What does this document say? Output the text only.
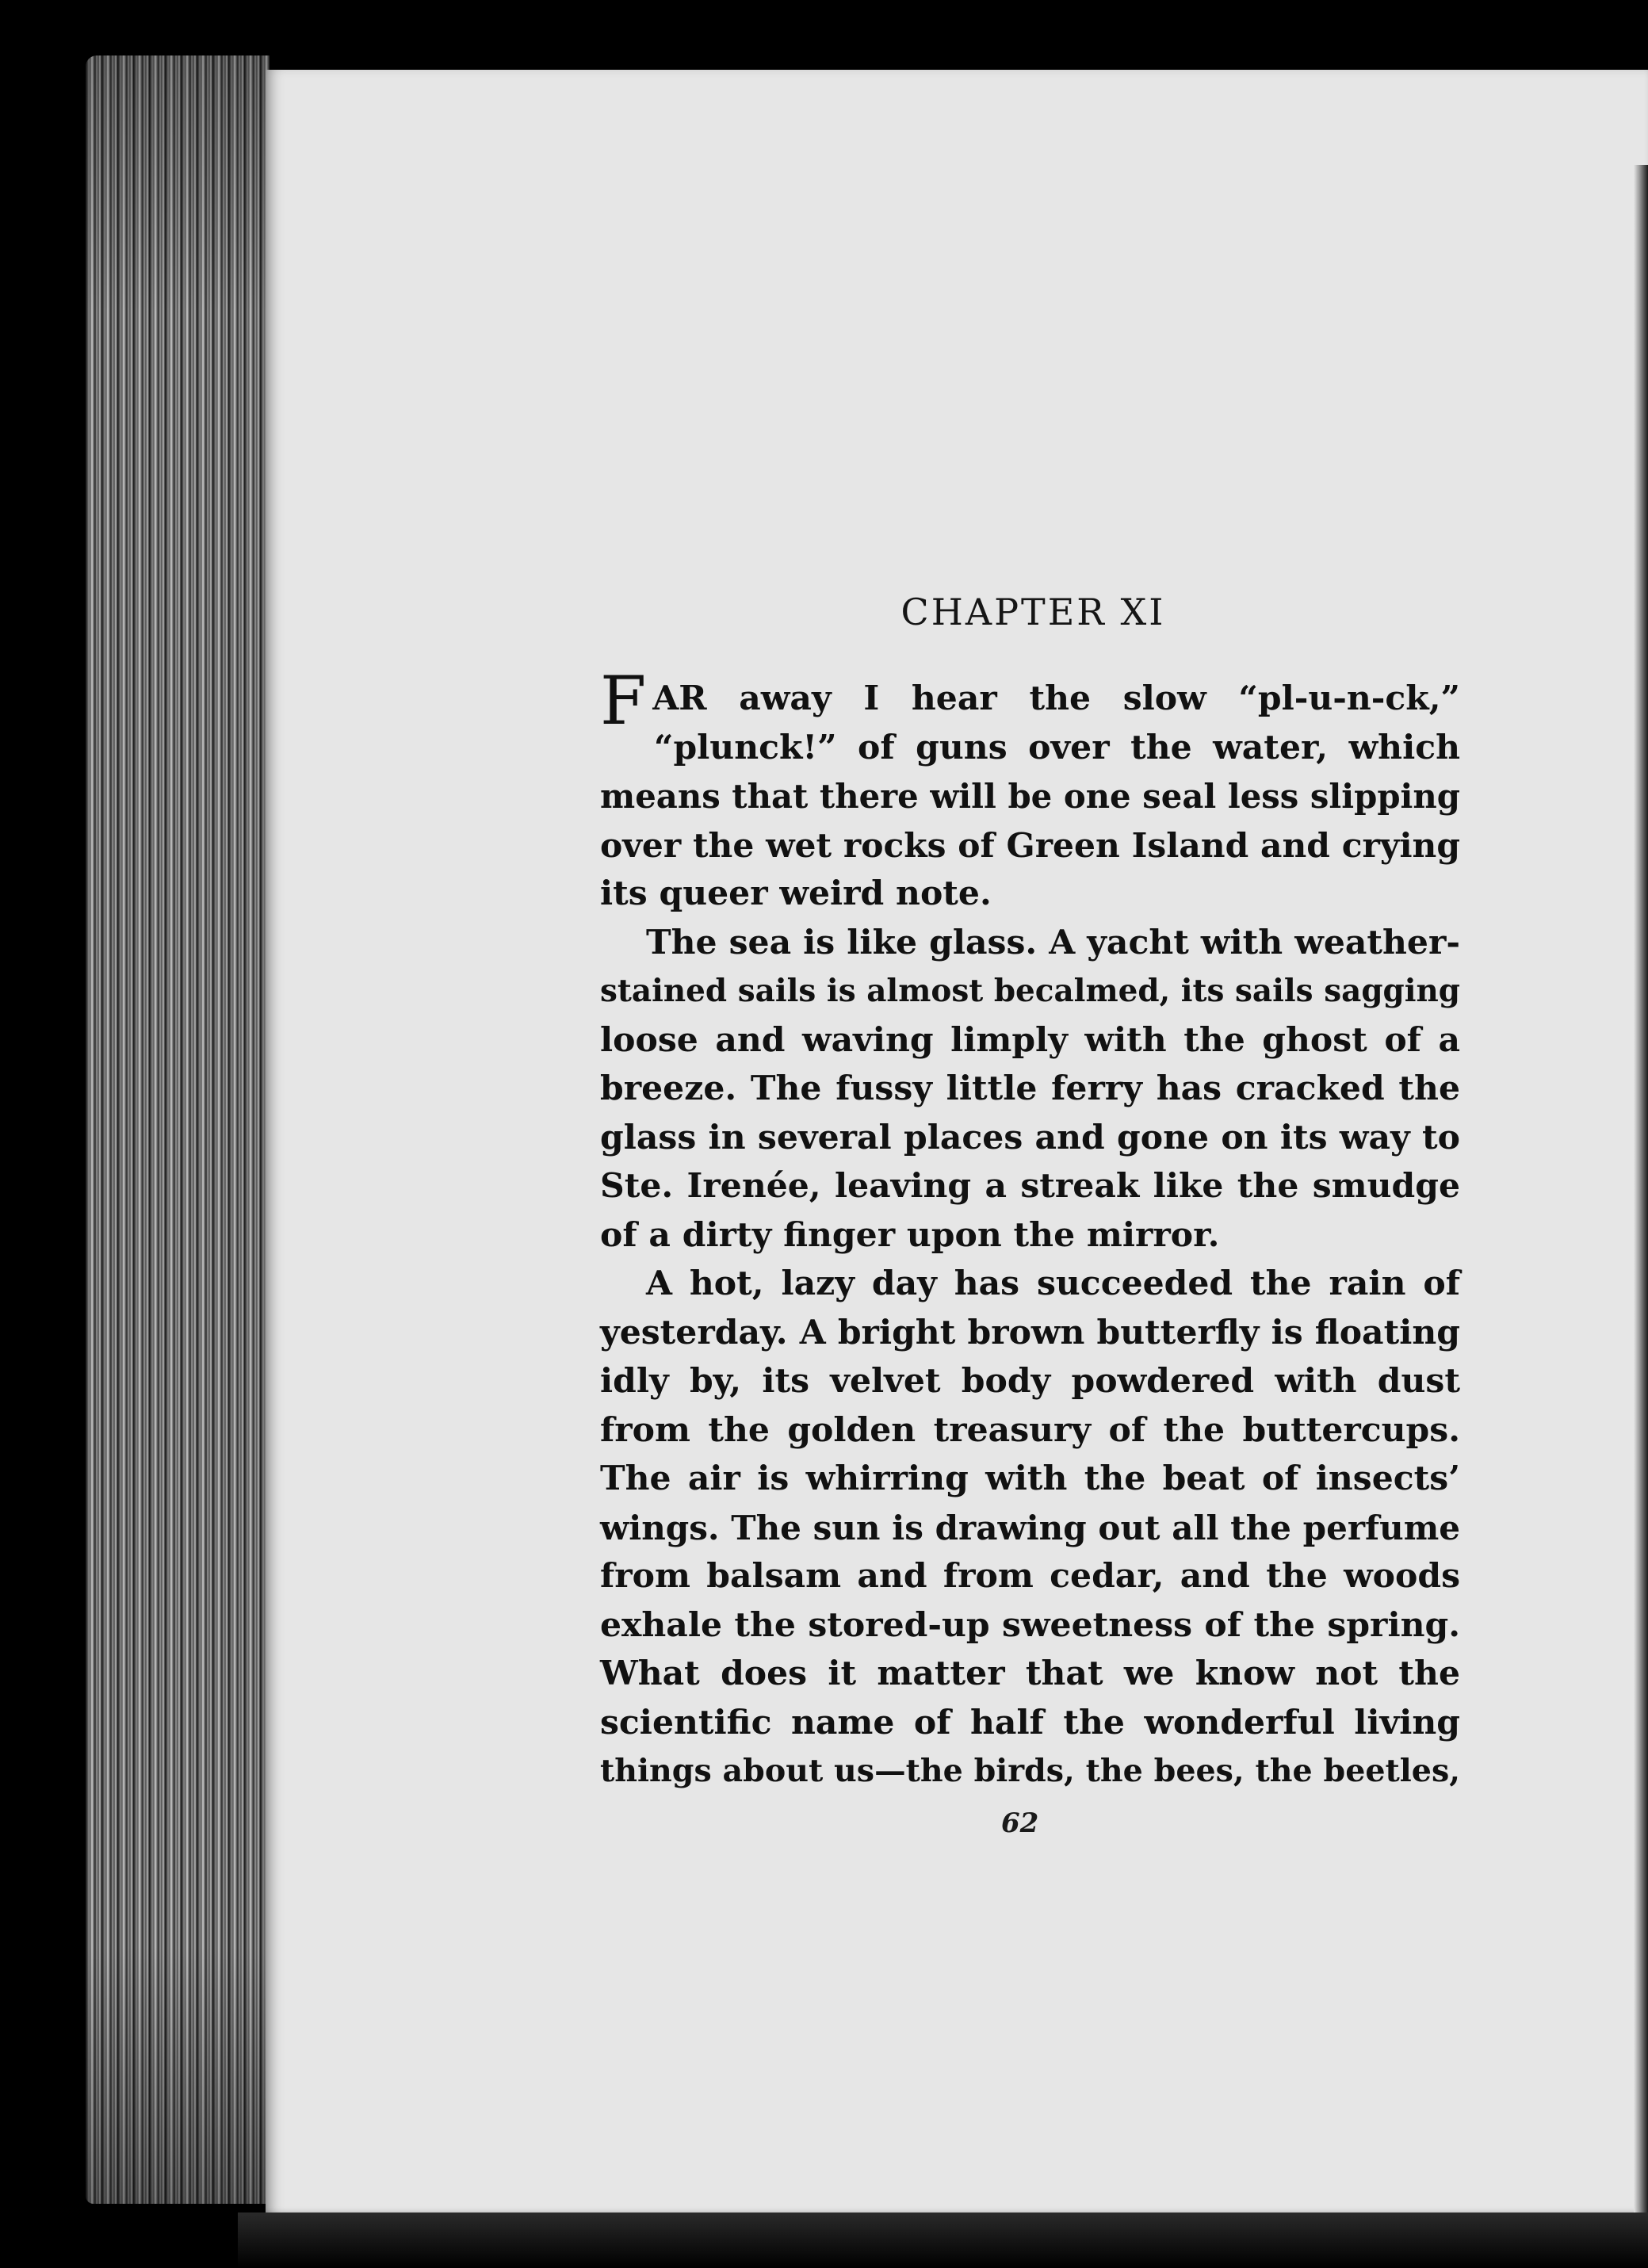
CHAPTER XI

FAR away I hear the slow “pl-u-n-ck,”
“plunck!” of guns over the water, which
means that there will be one seal less slipping
over the wet rocks of Green Island and crying
its queer weird note.

The sea is like glass. A yacht with weather-
stained sails is almost becalmed, its sails sagging
loose and waving limply with the ghost of a
breeze. The fussy little ferry has cracked the
glass in several places and gone on its way to
Ste. Irenée, leaving a streak like the smudge
of a dirty finger upon the mirror.

A hot, lazy day has succeeded the rain of
yesterday. A bright brown butterfly is floating
idly by, its velvet body powdered with dust
from the golden treasury of the buttercups.
The air is whirring with the beat of insects’
wings. The sun is drawing out all the perfume
from balsam and from cedar, and the woods
exhale the stored-up sweetness of the spring.
What does it matter that we know not the
scientific name of half the wonderful living
things about us—the birds, the bees, the beetles,

62
